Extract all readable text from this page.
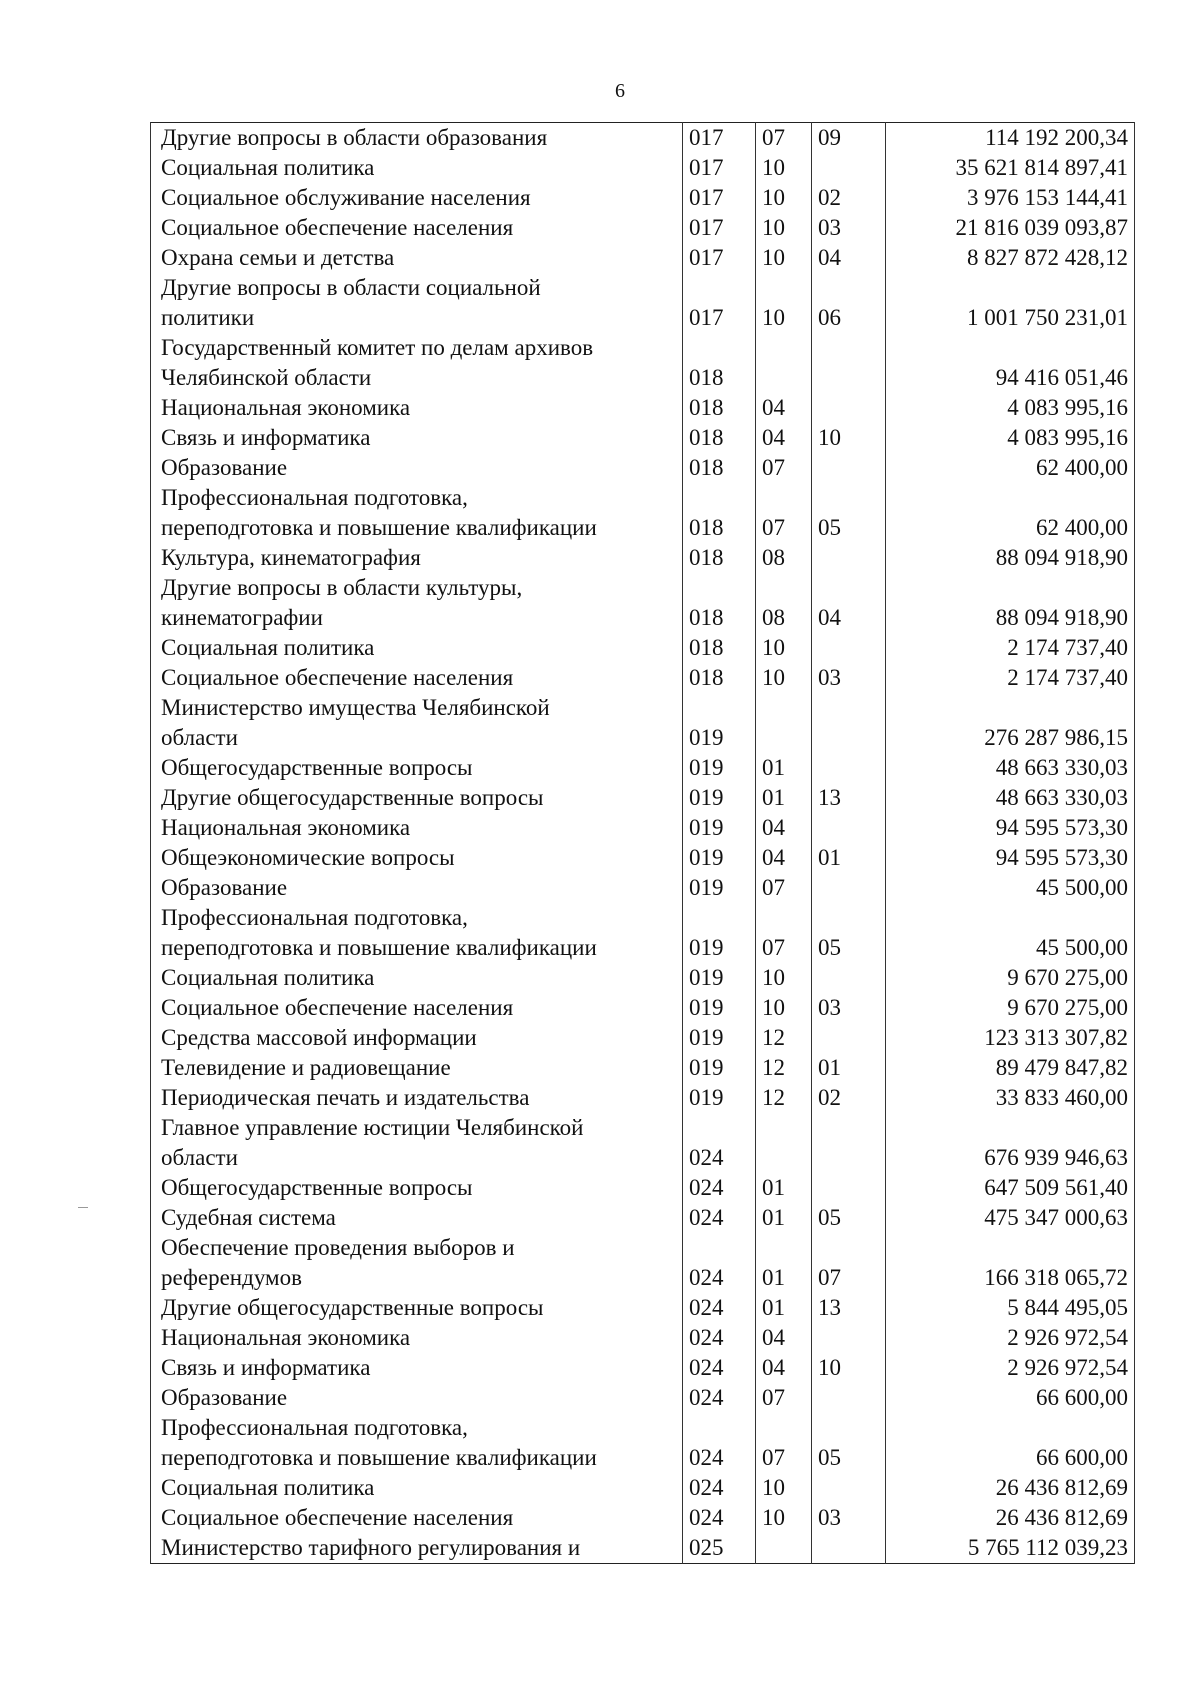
6
Другие вопросы в области образования	017	07	09	114 192 200,34

Социальная политика	017	10		35 621 814 897,41

Социальное обслуживание населения	017	10	02	3 976 153 144,41

Социальное обеспечение населения	017	10	03	21 816 039 093,87

Охрана семьи и детства	017	10	04	8 827 872 428,12

Другие вопросы в области социальной
политики	017	10	06	1 001 750 231,01

Государственный комитет по делам архивов
Челябинской области	018			94 416 051,46

Национальная экономика	018	04		4 083 995,16

Связь и информатика	018	04	10	4 083 995,16

Образование	018	07		62 400,00

Профессиональная подготовка,
переподготовка и повышение квалификации	018	07	05	62 400,00

Культура, кинематография	018	08		88 094 918,90

Другие вопросы в области культуры,
кинематографии	018	08	04	88 094 918,90

Социальная политика	018	10		2 174 737,40

Социальное обеспечение населения	018	10	03	2 174 737,40

Министерство имущества Челябинской
области	019			276 287 986,15

Общегосударственные вопросы	019	01		48 663 330,03

Другие общегосударственные вопросы	019	01	13	48 663 330,03

Национальная экономика	019	04		94 595 573,30

Общеэкономические вопросы	019	04	01	94 595 573,30

Образование	019	07		45 500,00

Профессиональная подготовка,
переподготовка и повышение квалификации	019	07	05	45 500,00

Социальная политика	019	10		9 670 275,00

Социальное обеспечение населения	019	10	03	9 670 275,00

Средства массовой информации	019	12		123 313 307,82

Телевидение и радиовещание	019	12	01	89 479 847,82

Периодическая печать и издательства	019	12	02	33 833 460,00

Главное управление юстиции Челябинской
области	024			676 939 946,63

Общегосударственные вопросы	024	01		647 509 561,40

Судебная система	024	01	05	475 347 000,63

Обеспечение проведения выборов и
референдумов	024	01	07	166 318 065,72

Другие общегосударственные вопросы	024	01	13	5 844 495,05

Национальная экономика	024	04		2 926 972,54

Связь и информатика	024	04	10	2 926 972,54

Образование	024	07		66 600,00

Профессиональная подготовка,
переподготовка и повышение квалификации	024	07	05	66 600,00

Социальная политика	024	10		26 436 812,69

Социальное обеспечение населения	024	10	03	26 436 812,69

Министерство тарифного регулирования и	025			5 765 112 039,23
